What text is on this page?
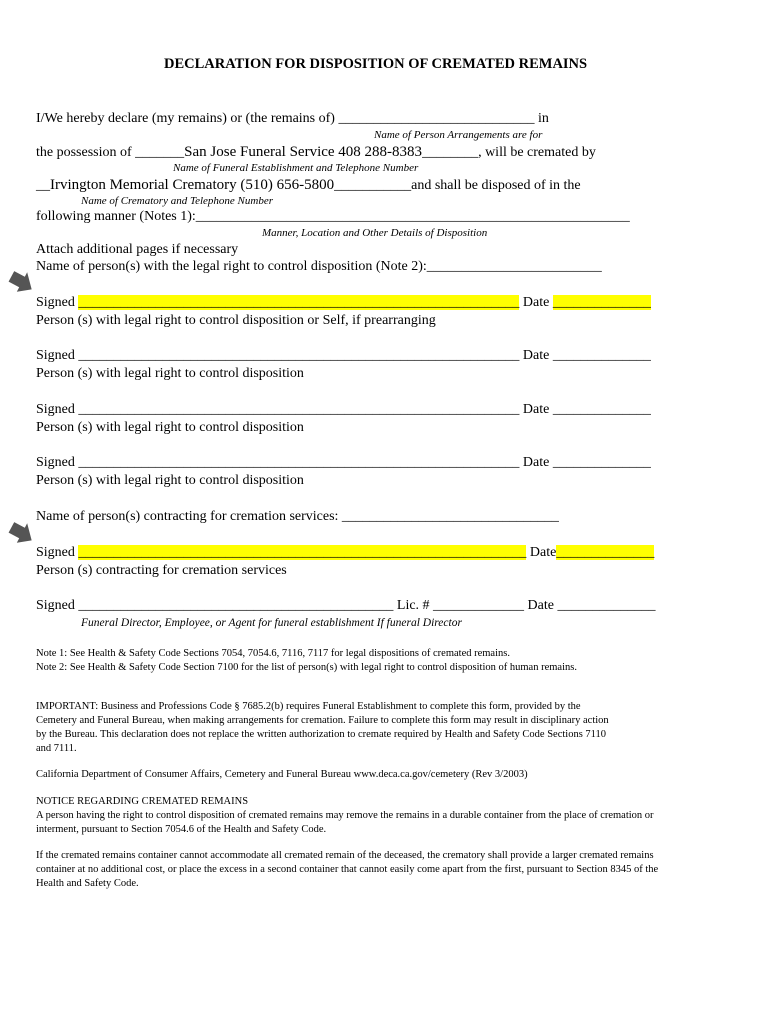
DECLARATION FOR DISPOSITION OF CREMATED REMAINS
I/We hereby declare (my remains) or (the remains of) ____________________________ in
Name of Person Arrangements are for
the possession of _______San Jose Funeral Service 408 288-8383________, will be cremated by
Name of Funeral Establishment and Telephone Number
__Irvington Memorial Crematory (510) 656-5800___________and shall be disposed of in the
Name of Crematory and Telephone Number
following manner (Notes 1):______________________________________________________________
Manner, Location and Other Details of Disposition
Attach additional pages if necessary
Name of person(s) with the legal right to control disposition (Note 2):_________________________
Signed _______________________________________________________________ Date ______________
Person (s) with legal right to control disposition or Self, if prearranging
Signed _______________________________________________________________ Date ______________
Person (s) with legal right to control disposition
Signed _______________________________________________________________ Date ______________
Person (s) with legal right to control disposition
Signed _______________________________________________________________ Date ______________
Person (s) with legal right to control disposition
Name of person(s) contracting for cremation services: _______________________________
Signed ________________________________________________________________ Date______________
Person (s) contracting for cremation services
Signed _____________________________________________ Lic. # _____________ Date ______________
Funeral Director, Employee, or Agent for funeral establishment If funeral Director
Note 1: See Health & Safety Code Sections 7054, 7054.6, 7116, 7117 for legal dispositions of cremated remains.
Note 2: See Health & Safety Code Section 7100 for the list of person(s) with legal right to control disposition of human remains.
IMPORTANT: Business and Professions Code § 7685.2(b) requires Funeral Establishment to complete this form, provided by the Cemetery and Funeral Bureau, when making arrangements for cremation. Failure to complete this form may result in disciplinary action by the Bureau. This declaration does not replace the written authorization to cremate required by Health and Safety Code Sections 7110 and 7111.
California Department of Consumer Affairs, Cemetery and Funeral Bureau www.deca.ca.gov/cemetery (Rev 3/2003)
NOTICE REGARDING CREMATED REMAINS
A person having the right to control disposition of cremated remains may remove the remains in a durable container from the place of cremation or interment, pursuant to Section 7054.6 of the Health and Safety Code.
If the cremated remains container cannot accommodate all cremated remain of the deceased, the crematory shall provide a larger cremated remains container at no additional cost, or place the excess in a second container that cannot easily come apart from the first, pursuant to Section 8345 of the Health and Safety Code.
